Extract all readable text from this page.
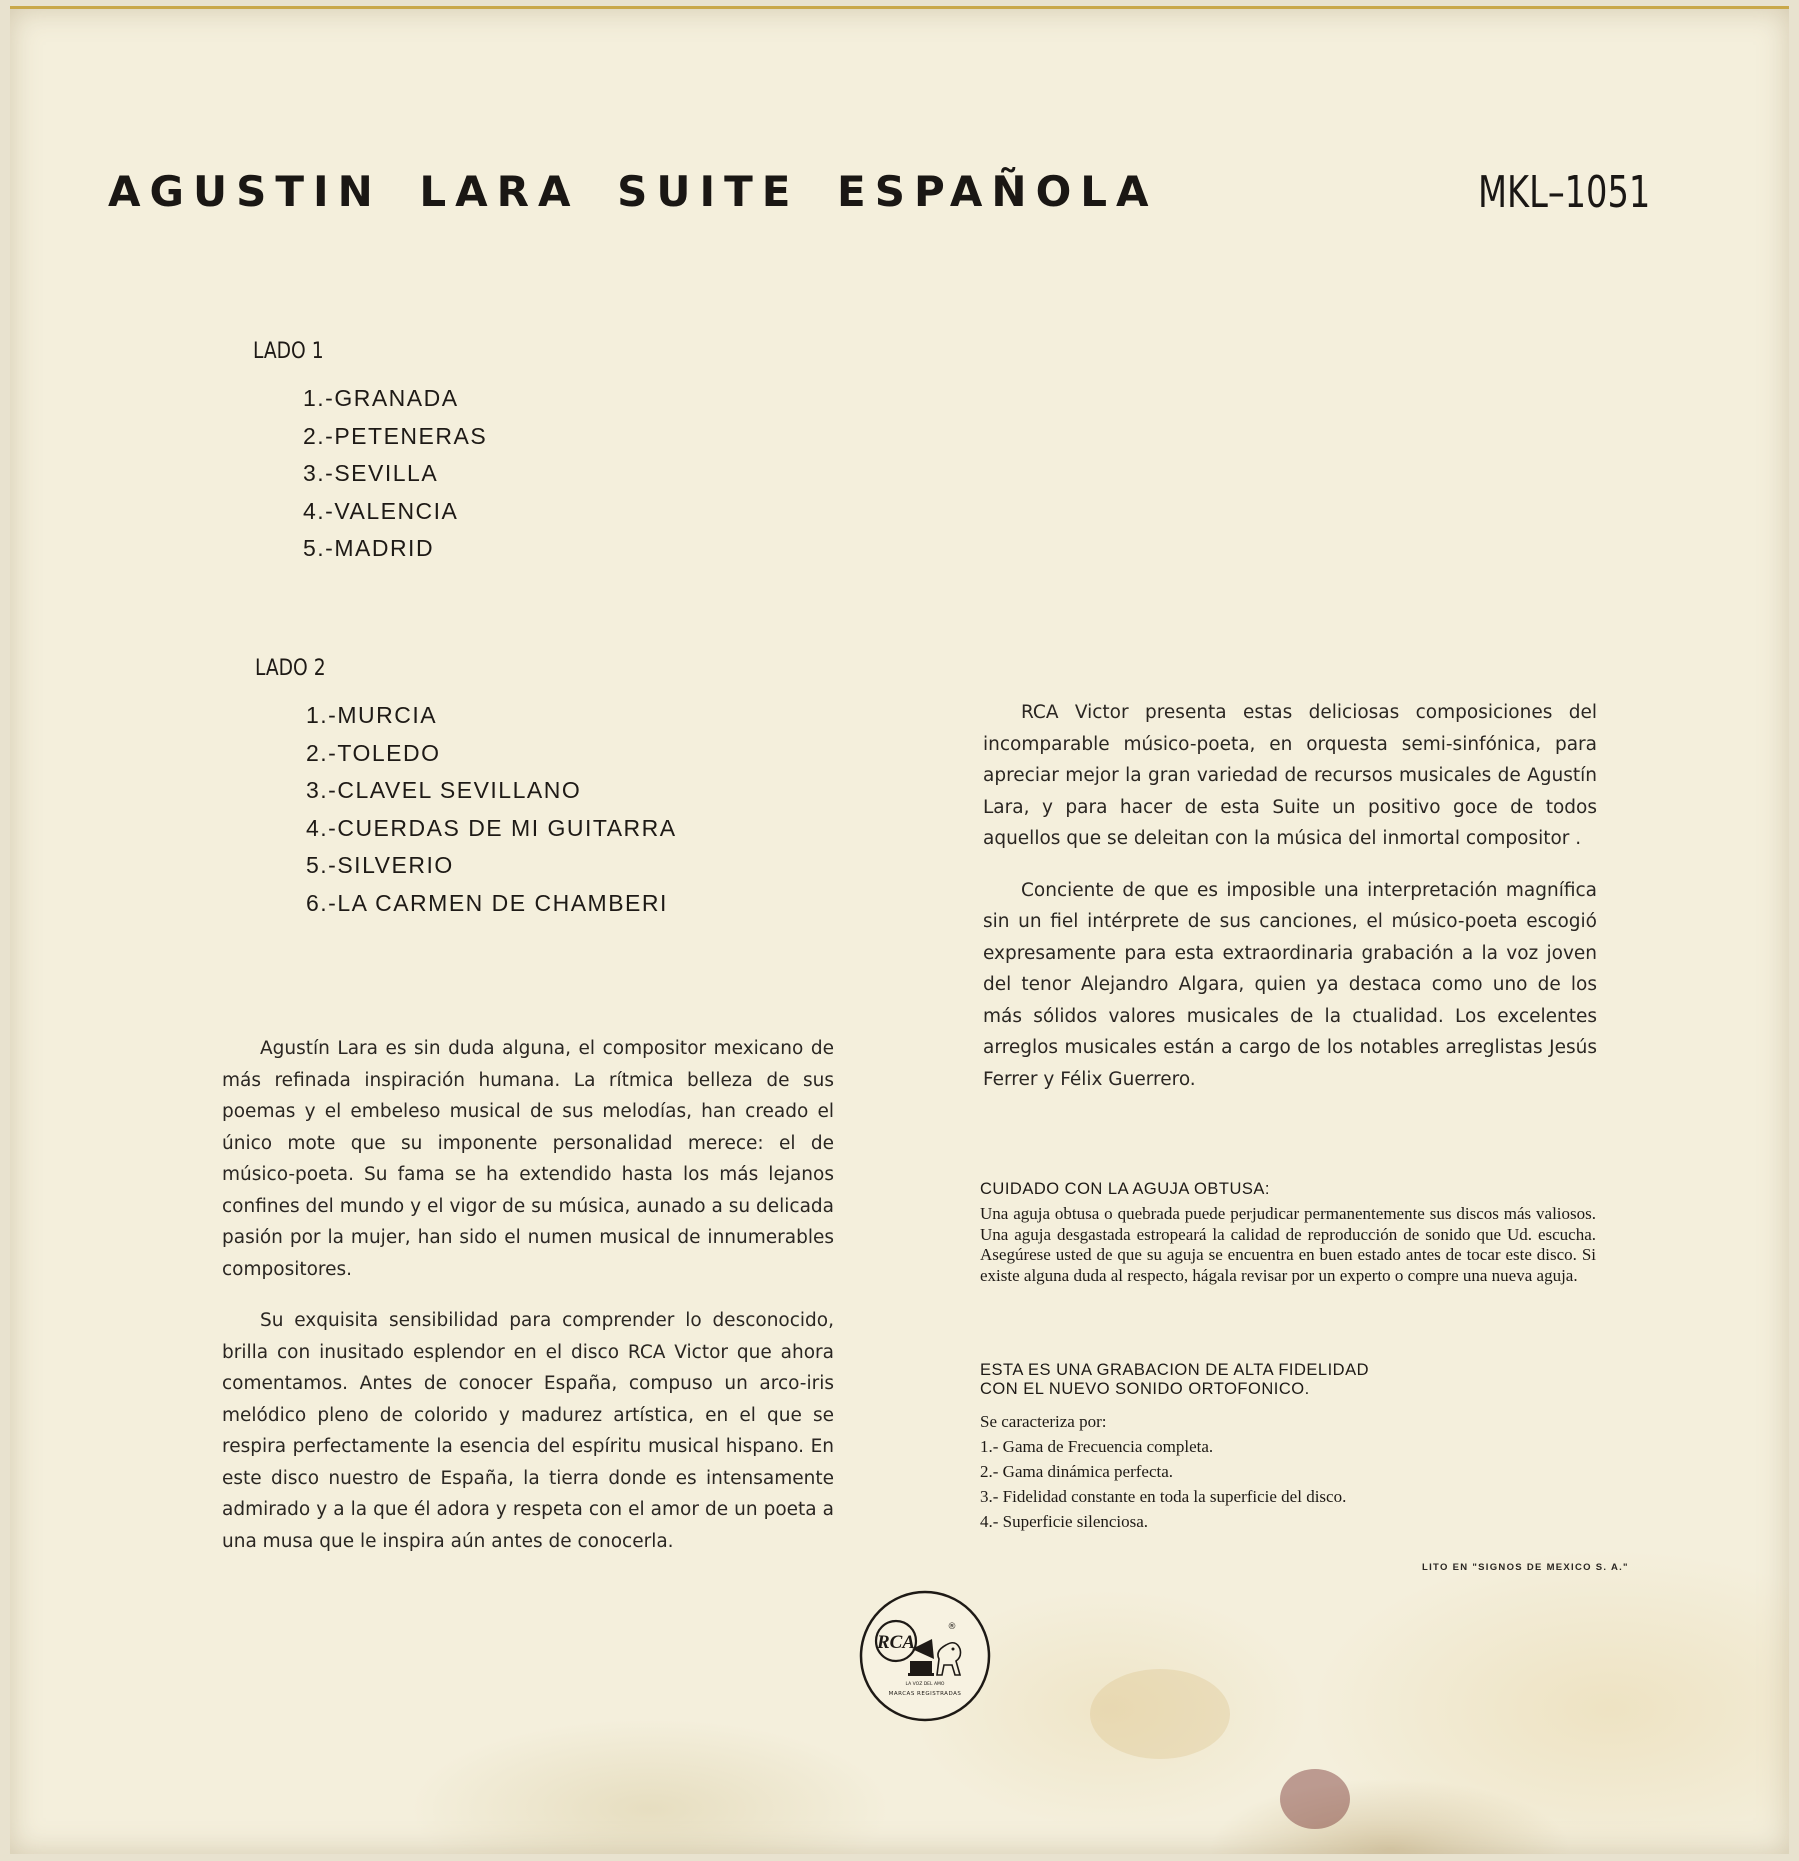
AGUSTIN LARA SUITE ESPAÑOLA	MKL–1051
LADO 1
1.-GRANADA
2.-PETENERAS
3.-SEVILLA
4.-VALENCIA
5.-MADRID
LADO 2
1.-MURCIA
2.-TOLEDO
3.-CLAVEL SEVILLANO
4.-CUERDAS DE MI GUITARRA
5.-SILVERIO
6.-LA CARMEN DE CHAMBERI

Agustín Lara es sin duda alguna, el compositor mexicano de más refinada inspiración humana. La rítmica belleza de sus poemas y el embeleso musical de sus melodías, han creado el único mote que su imponente personalidad merece: el de músico-poeta. Su fama se ha extendido hasta los más lejanos confines del mundo y el vigor de su música, aunado a su delicada pasión por la mujer, han sido el numen musical de innumerables compositores.

Su exquisita sensibilidad para comprender lo desconocido, brilla con inusitado esplendor en el disco RCA Victor que ahora comentamos. Antes de conocer España, compuso un arco-iris melódico pleno de colorido y madurez artística, en el que se respira perfectamente la esencia del espíritu musical hispano. En este disco nuestro de España, la tierra donde es intensamente admirado y a la que él adora y respeta con el amor de un poeta a una musa que le inspira aún antes de conocerla.

RCA Victor presenta estas deliciosas composiciones del incomparable músico-poeta, en orquesta semi-sinfónica, para apreciar mejor la gran variedad de recursos musicales de Agustín Lara, y para hacer de esta Suite un positivo goce de todos aquellos que se deleitan con la música del inmortal compositor .

Conciente de que es imposible una interpretación magnífica sin un fiel intérprete de sus canciones, el músico-poeta escogió expresamente para esta extraordinaria grabación a la voz joven del tenor Alejandro Algara, quien ya destaca como uno de los más sólidos valores musicales de la ctualidad. Los excelentes arreglos musicales están a cargo de los notables arreglistas Jesús Ferrer y Félix Guerrero.

CUIDADO CON LA AGUJA OBTUSA:

Una aguja obtusa o quebrada puede perjudicar permanentemente sus discos más valiosos. Una aguja desgastada estropeará la calidad de reproducción de sonido que Ud. escucha. Asegúrese usted de que su aguja se encuentra en buen estado antes de tocar este disco. Si existe alguna duda al respecto, hágala revisar por un experto o compre una nueva aguja.

ESTA ES UNA GRABACION DE ALTA FIDELIDAD

CON EL NUEVO SONIDO ORTOFONICO.

Se caracteriza por:

1.- Gama de Frecuencia completa.
2.- Gama dinámica perfecta.
3.- Fidelidad constante en toda la superficie del disco.
4.- Superficie silenciosa.
LITO EN "SIGNOS DE MEXICO S. A."
RCA
®
LA VOZ DEL AMO
MARCAS REGISTRADAS
